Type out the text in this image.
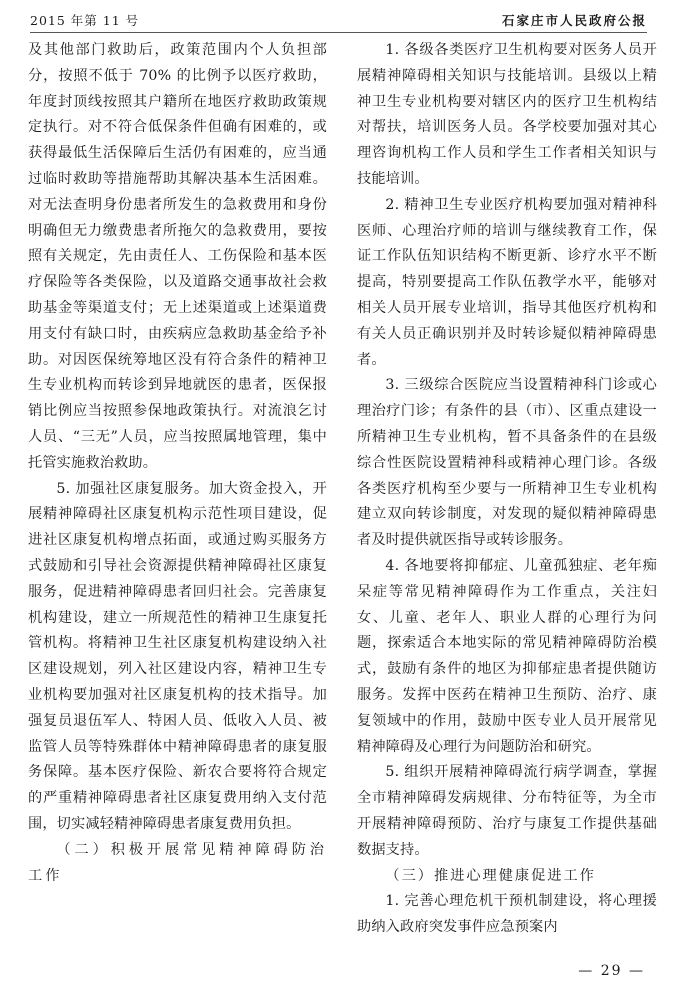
2015 年第 11 号	石家庄市人民政府公报

及其他部门救助后，政策范围内个人负担部分，按照不低于 70% 的比例予以医疗救助，年度封顶线按照其户籍所在地医疗救助政策规定执行。对不符合低保条件但确有困难的，或获得最低生活保障后生活仍有困难的，应当通过临时救助等措施帮助其解决基本生活困难。对无法查明身份患者所发生的急救费用和身份明确但无力缴费患者所拖欠的急救费用，要按照有关规定，先由责任人、工伤保险和基本医疗保险等各类保险，以及道路交通事故社会救助基金等渠道支付；无上述渠道或上述渠道费用支付有缺口时，由疾病应急救助基金给予补助。对因医保统筹地区没有符合条件的精神卫生专业机构而转诊到异地就医的患者，医保报销比例应当按照参保地政策执行。对流浪乞讨人员、“三无”人员，应当按照属地管理，集中托管实施救治救助。

5. 加强社区康复服务。加大资金投入，开展精神障碍社区康复机构示范性项目建设，促进社区康复机构增点拓面，或通过购买服务方式鼓励和引导社会资源提供精神障碍社区康复服务，促进精神障碍患者回归社会。完善康复机构建设，建立一所规范性的精神卫生康复托管机构。将精神卫生社区康复机构建设纳入社区建设规划，列入社区建设内容，精神卫生专业机构要加强对社区康复机构的技术指导。加强复员退伍军人、特困人员、低收入人员、被监管人员等特殊群体中精神障碍患者的康复服务保障。基本医疗保险、新农合要将符合规定的严重精神障碍患者社区康复费用纳入支付范围，切实减轻精神障碍患者康复费用负担。

（二）积极开展常见精神障碍防治工作

1. 各级各类医疗卫生机构要对医务人员开展精神障碍相关知识与技能培训。县级以上精神卫生专业机构要对辖区内的医疗卫生机构结对帮扶，培训医务人员。各学校要加强对其心理咨询机构工作人员和学生工作者相关知识与技能培训。

2. 精神卫生专业医疗机构要加强对精神科医师、心理治疗师的培训与继续教育工作，保证工作队伍知识结构不断更新、诊疗水平不断提高，特别要提高工作队伍教学水平，能够对相关人员开展专业培训，指导其他医疗机构和有关人员正确识别并及时转诊疑似精神障碍患者。

3. 三级综合医院应当设置精神科门诊或心理治疗门诊；有条件的县（市）、区重点建设一所精神卫生专业机构，暂不具备条件的在县级综合性医院设置精神科或精神心理门诊。各级各类医疗机构至少要与一所精神卫生专业机构建立双向转诊制度，对发现的疑似精神障碍患者及时提供就医指导或转诊服务。

4. 各地要将抑郁症、儿童孤独症、老年痴呆症等常见精神障碍作为工作重点，关注妇女、儿童、老年人、职业人群的心理行为问题，探索适合本地实际的常见精神障碍防治模式，鼓励有条件的地区为抑郁症患者提供随访服务。发挥中医药在精神卫生预防、治疗、康复领域中的作用，鼓励中医专业人员开展常见精神障碍及心理行为问题防治和研究。

5. 组织开展精神障碍流行病学调查，掌握全市精神障碍发病规律、分布特征等，为全市开展精神障碍预防、治疗与康复工作提供基础数据支持。

（三）推进心理健康促进工作

1. 完善心理危机干预机制建设，将心理援助纳入政府突发事件应急预案内

— 29 —
